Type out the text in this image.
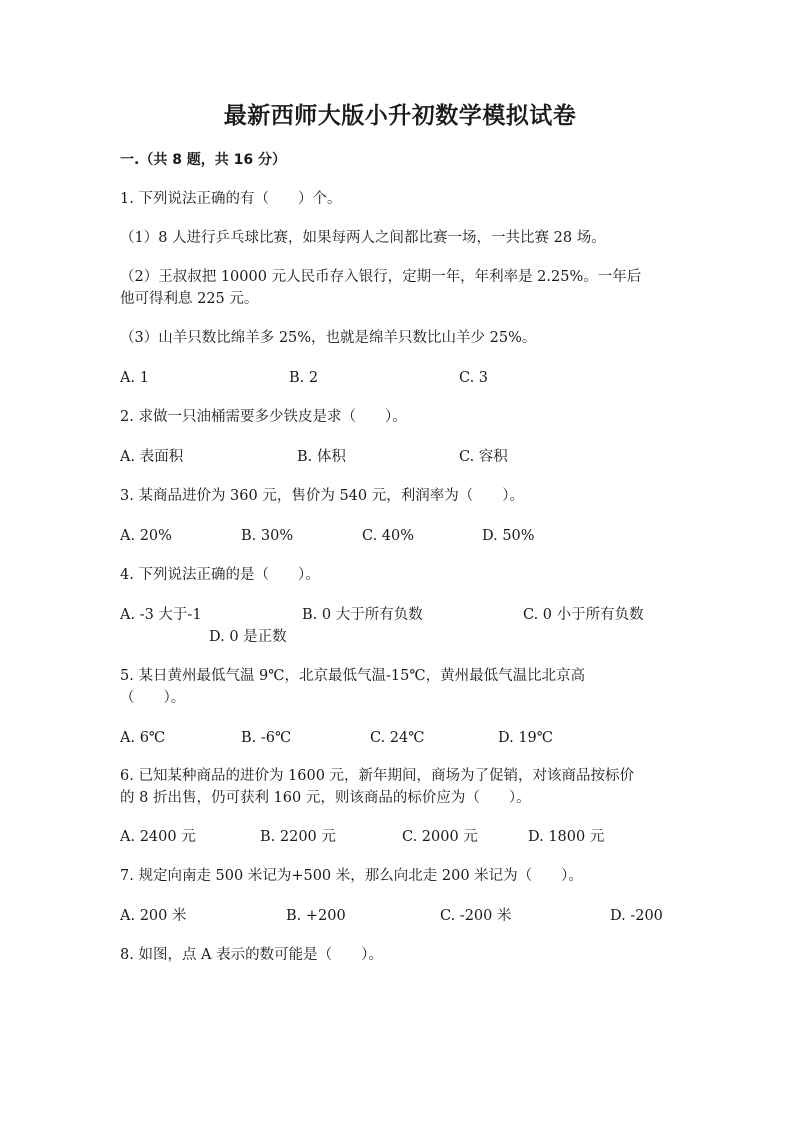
最新西师大版小升初数学模拟试卷
一.（共 8 题，共 16 分）
1. 下列说法正确的有（　　）个。
（1）8 人进行乒乓球比赛，如果每两人之间都比赛一场，一共比赛 28 场。
（2）王叔叔把 10000 元人民币存入银行，定期一年，年利率是 2.25%。一年后
他可得利息 225 元。
（3）山羊只数比绵羊多 25%，也就是绵羊只数比山羊少 25%。
A. 1	B. 2	C. 3
2. 求做一只油桶需要多少铁皮是求（　　）。
A. 表面积	B. 体积	C. 容积
3. 某商品进价为 360 元，售价为 540 元，利润率为（　　）。
A. 20%	B. 30%	C. 40%	D. 50%
4. 下列说法正确的是（　　）。
A. -3 大于-1	B. 0 大于所有负数	C. 0 小于所有负数
D. 0 是正数
5. 某日黄州最低气温 9℃，北京最低气温-15℃，黄州最低气温比北京高
（　　）。
A. 6℃	B. -6℃	C. 24℃	D. 19℃
6. 已知某种商品的进价为 1600 元，新年期间，商场为了促销，对该商品按标价
的 8 折出售，仍可获利 160 元，则该商品的标价应为（　　）。
A. 2400 元	B. 2200 元	C. 2000 元	D. 1800 元
7. 规定向南走 500 米记为+500 米，那么向北走 200 米记为（　　）。
A. 200 米	B. +200	C. -200 米	D. -200
8. 如图，点 A 表示的数可能是（　　）。
